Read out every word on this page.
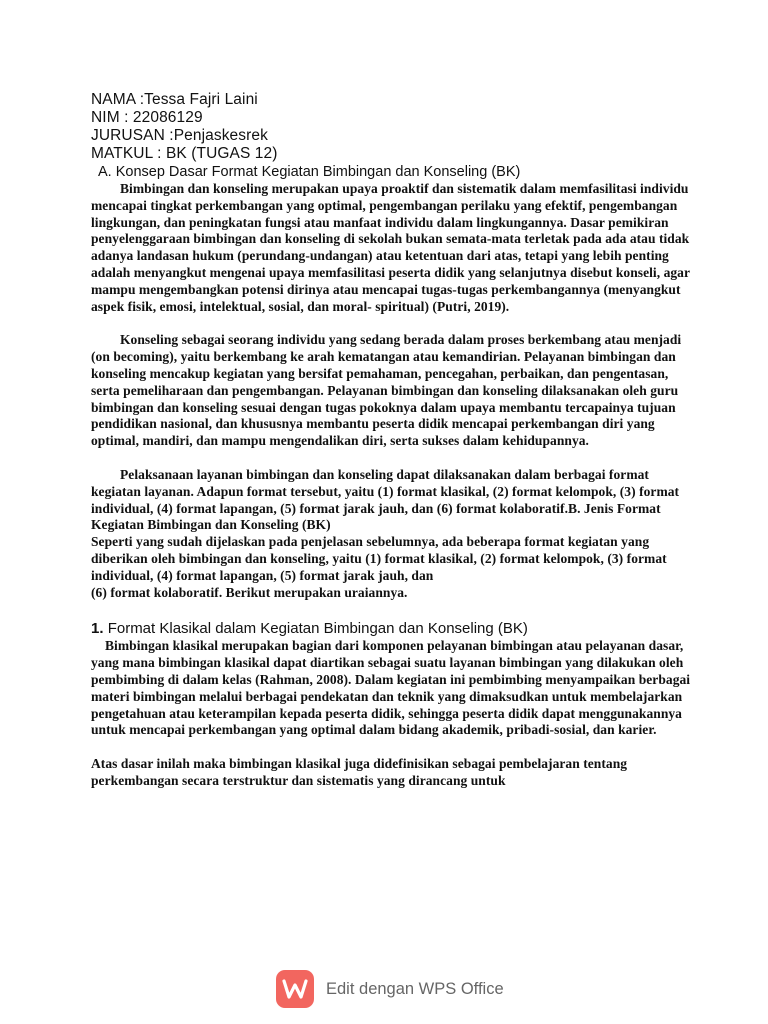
NAMA :Tessa Fajri Laini

NIM : 22086129

JURUSAN :Penjaskesrek

MATKUL : BK (TUGAS 12)

A. Konsep Dasar Format Kegiatan Bimbingan dan Konseling (BK)

Bimbingan dan konseling merupakan upaya proaktif dan sistematik dalam memfasilitasi individu mencapai tingkat perkembangan yang optimal, pengembangan perilaku yang efektif, pengembangan lingkungan, dan peningkatan fungsi atau manfaat individu dalam lingkungannya. Dasar pemikiran penyelenggaraan bimbingan dan konseling di sekolah bukan semata-mata terletak pada ada atau tidak adanya landasan hukum (perundang-undangan) atau ketentuan dari atas, tetapi yang lebih penting adalah menyangkut mengenai upaya memfasilitasi peserta didik yang selanjutnya disebut konseli, agar mampu mengembangkan potensi dirinya atau mencapai tugas-tugas perkembangannya (menyangkut aspek fisik, emosi, intelektual, sosial, dan moral- spiritual) (Putri, 2019).

Konseling sebagai seorang individu yang sedang berada dalam proses berkembang atau menjadi (on becoming), yaitu berkembang ke arah kematangan atau kemandirian. Pelayanan bimbingan dan konseling mencakup kegiatan yang bersifat pemahaman, pencegahan, perbaikan, dan pengentasan, serta pemeliharaan dan pengembangan. Pelayanan bimbingan dan konseling dilaksanakan oleh guru bimbingan dan konseling sesuai dengan tugas pokoknya dalam upaya membantu tercapainya tujuan pendidikan nasional, dan khususnya membantu peserta didik mencapai perkembangan diri yang optimal, mandiri, dan mampu mengendalikan diri, serta sukses dalam kehidupannya.

Pelaksanaan layanan bimbingan dan konseling dapat dilaksanakan dalam berbagai format kegiatan layanan. Adapun format tersebut, yaitu (1) format klasikal, (2) format kelompok, (3) format individual, (4) format lapangan, (5) format jarak jauh, dan (6) format kolaboratif.B. Jenis Format Kegiatan Bimbingan dan Konseling (BK)

Seperti yang sudah dijelaskan pada penjelasan sebelumnya, ada beberapa format kegiatan yang diberikan oleh bimbingan dan konseling, yaitu (1) format klasikal, (2) format kelompok, (3) format individual, (4) format lapangan, (5) format jarak jauh, dan

(6) format kolaboratif. Berikut merupakan uraiannya.

1. Format Klasikal dalam Kegiatan Bimbingan dan Konseling (BK)

Bimbingan klasikal merupakan bagian dari komponen pelayanan bimbingan atau pelayanan dasar, yang mana bimbingan klasikal dapat diartikan sebagai suatu layanan bimbingan yang dilakukan oleh pembimbing di dalam kelas (Rahman, 2008). Dalam kegiatan ini pembimbing menyampaikan berbagai materi bimbingan melalui berbagai pendekatan dan teknik yang dimaksudkan untuk membelajarkan pengetahuan atau keterampilan kepada peserta didik, sehingga peserta didik dapat menggunakannya untuk mencapai perkembangan yang optimal dalam bidang akademik, pribadi-sosial, dan karier.

Atas dasar inilah maka bimbingan klasikal juga didefinisikan sebagai pembelajaran tentang perkembangan secara terstruktur dan sistematis yang dirancang untuk

Edit dengan WPS Office
